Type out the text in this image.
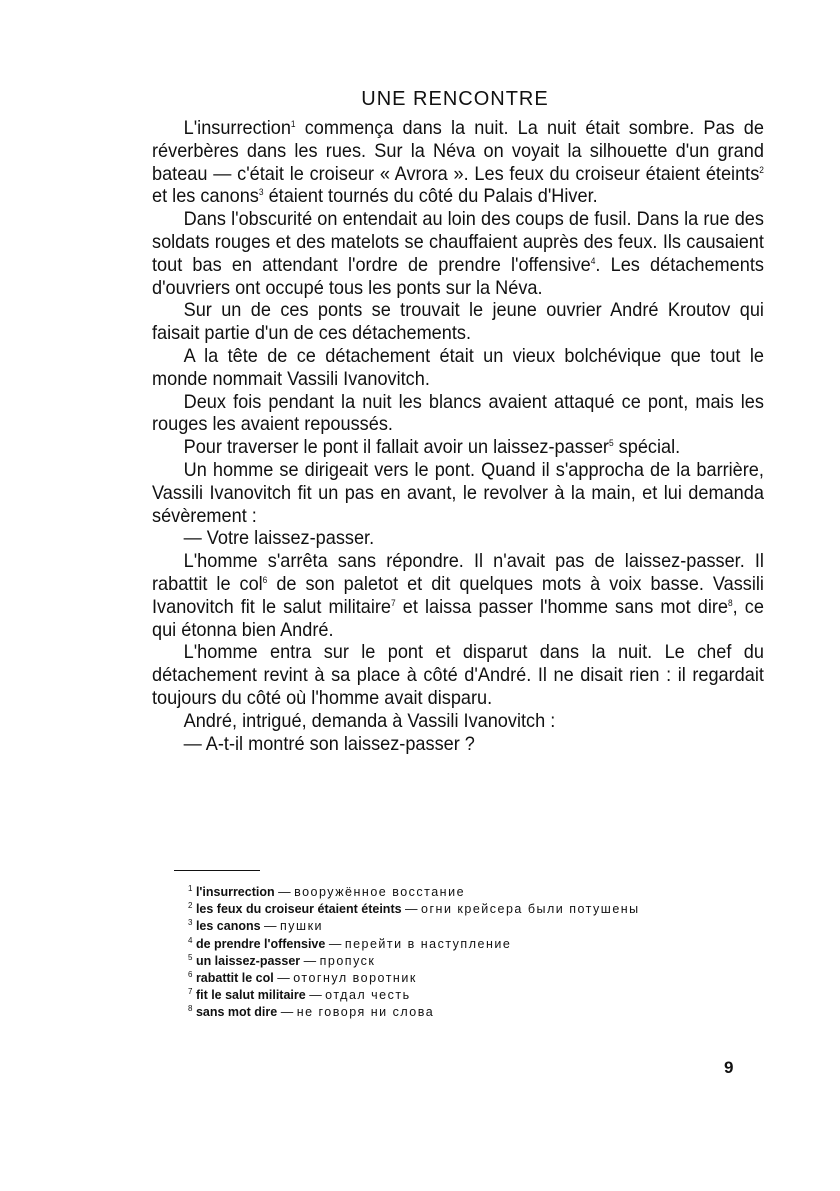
UNE RENCONTRE

L'insurrection$^1$ commença dans la nuit. La nuit était sombre. Pas de réverbères dans les rues. Sur la Néva on voyait la silhouette d'un grand bateau — c'était le croiseur « Avrora ». Les feux du croiseur étaient éteints$^2$ et les canons$^3$ étaient tournés du côté du Palais d'Hiver.

Dans l'obscurité on entendait au loin des coups de fusil. Dans la rue des soldats rouges et des matelots se chauffaient auprès des feux. Ils causaient tout bas en attendant l'ordre de prendre l'offensive$^4$. Les détachements d'ouvriers ont occupé tous les ponts sur la Néva.

Sur un de ces ponts se trouvait le jeune ouvrier André Kroutov qui faisait partie d'un de ces détachements.

A la tête de ce détachement était un vieux bolchévique que tout le monde nommait Vassili Ivanovitch.

Deux fois pendant la nuit les blancs avaient attaqué ce pont, mais les rouges les avaient repoussés.

Pour traverser le pont il fallait avoir un laissez-passer$^5$ spécial.

Un homme se dirigeait vers le pont. Quand il s'approcha de la barrière, Vassili Ivanovitch fit un pas en avant, le revolver à la main, et lui demanda sévèrement :

— Votre laissez-passer.

L'homme s'arrêta sans répondre. Il n'avait pas de laissez-passer. Il rabattit le col$^6$ de son paletot et dit quelques mots à voix basse. Vassili Ivanovitch fit le salut militaire$^7$ et laissa passer l'homme sans mot dire$^8$, ce qui étonna bien André.

L'homme entra sur le pont et disparut dans la nuit. Le chef du détachement revint à sa place à côté d'André. Il ne disait rien : il regardait toujours du côté où l'homme avait disparu.

André, intrigué, demanda à Vassili Ivanovitch :

— A-t-il montré son laissez-passer ?

$^1$ l'insurrection — вооружённое восстание
$^2$ les feux du croiseur étaient éteints — огни крейсера были потушены
$^3$ les canons — пушки
$^4$ de prendre l'offensive — перейти в наступление
$^5$ un laissez-passer — пропуск
$^6$ rabattit le col — отогнул воротник
$^7$ fit le salut militaire — отдал честь
$^8$ sans mot dire — не говоря ни слова
9
